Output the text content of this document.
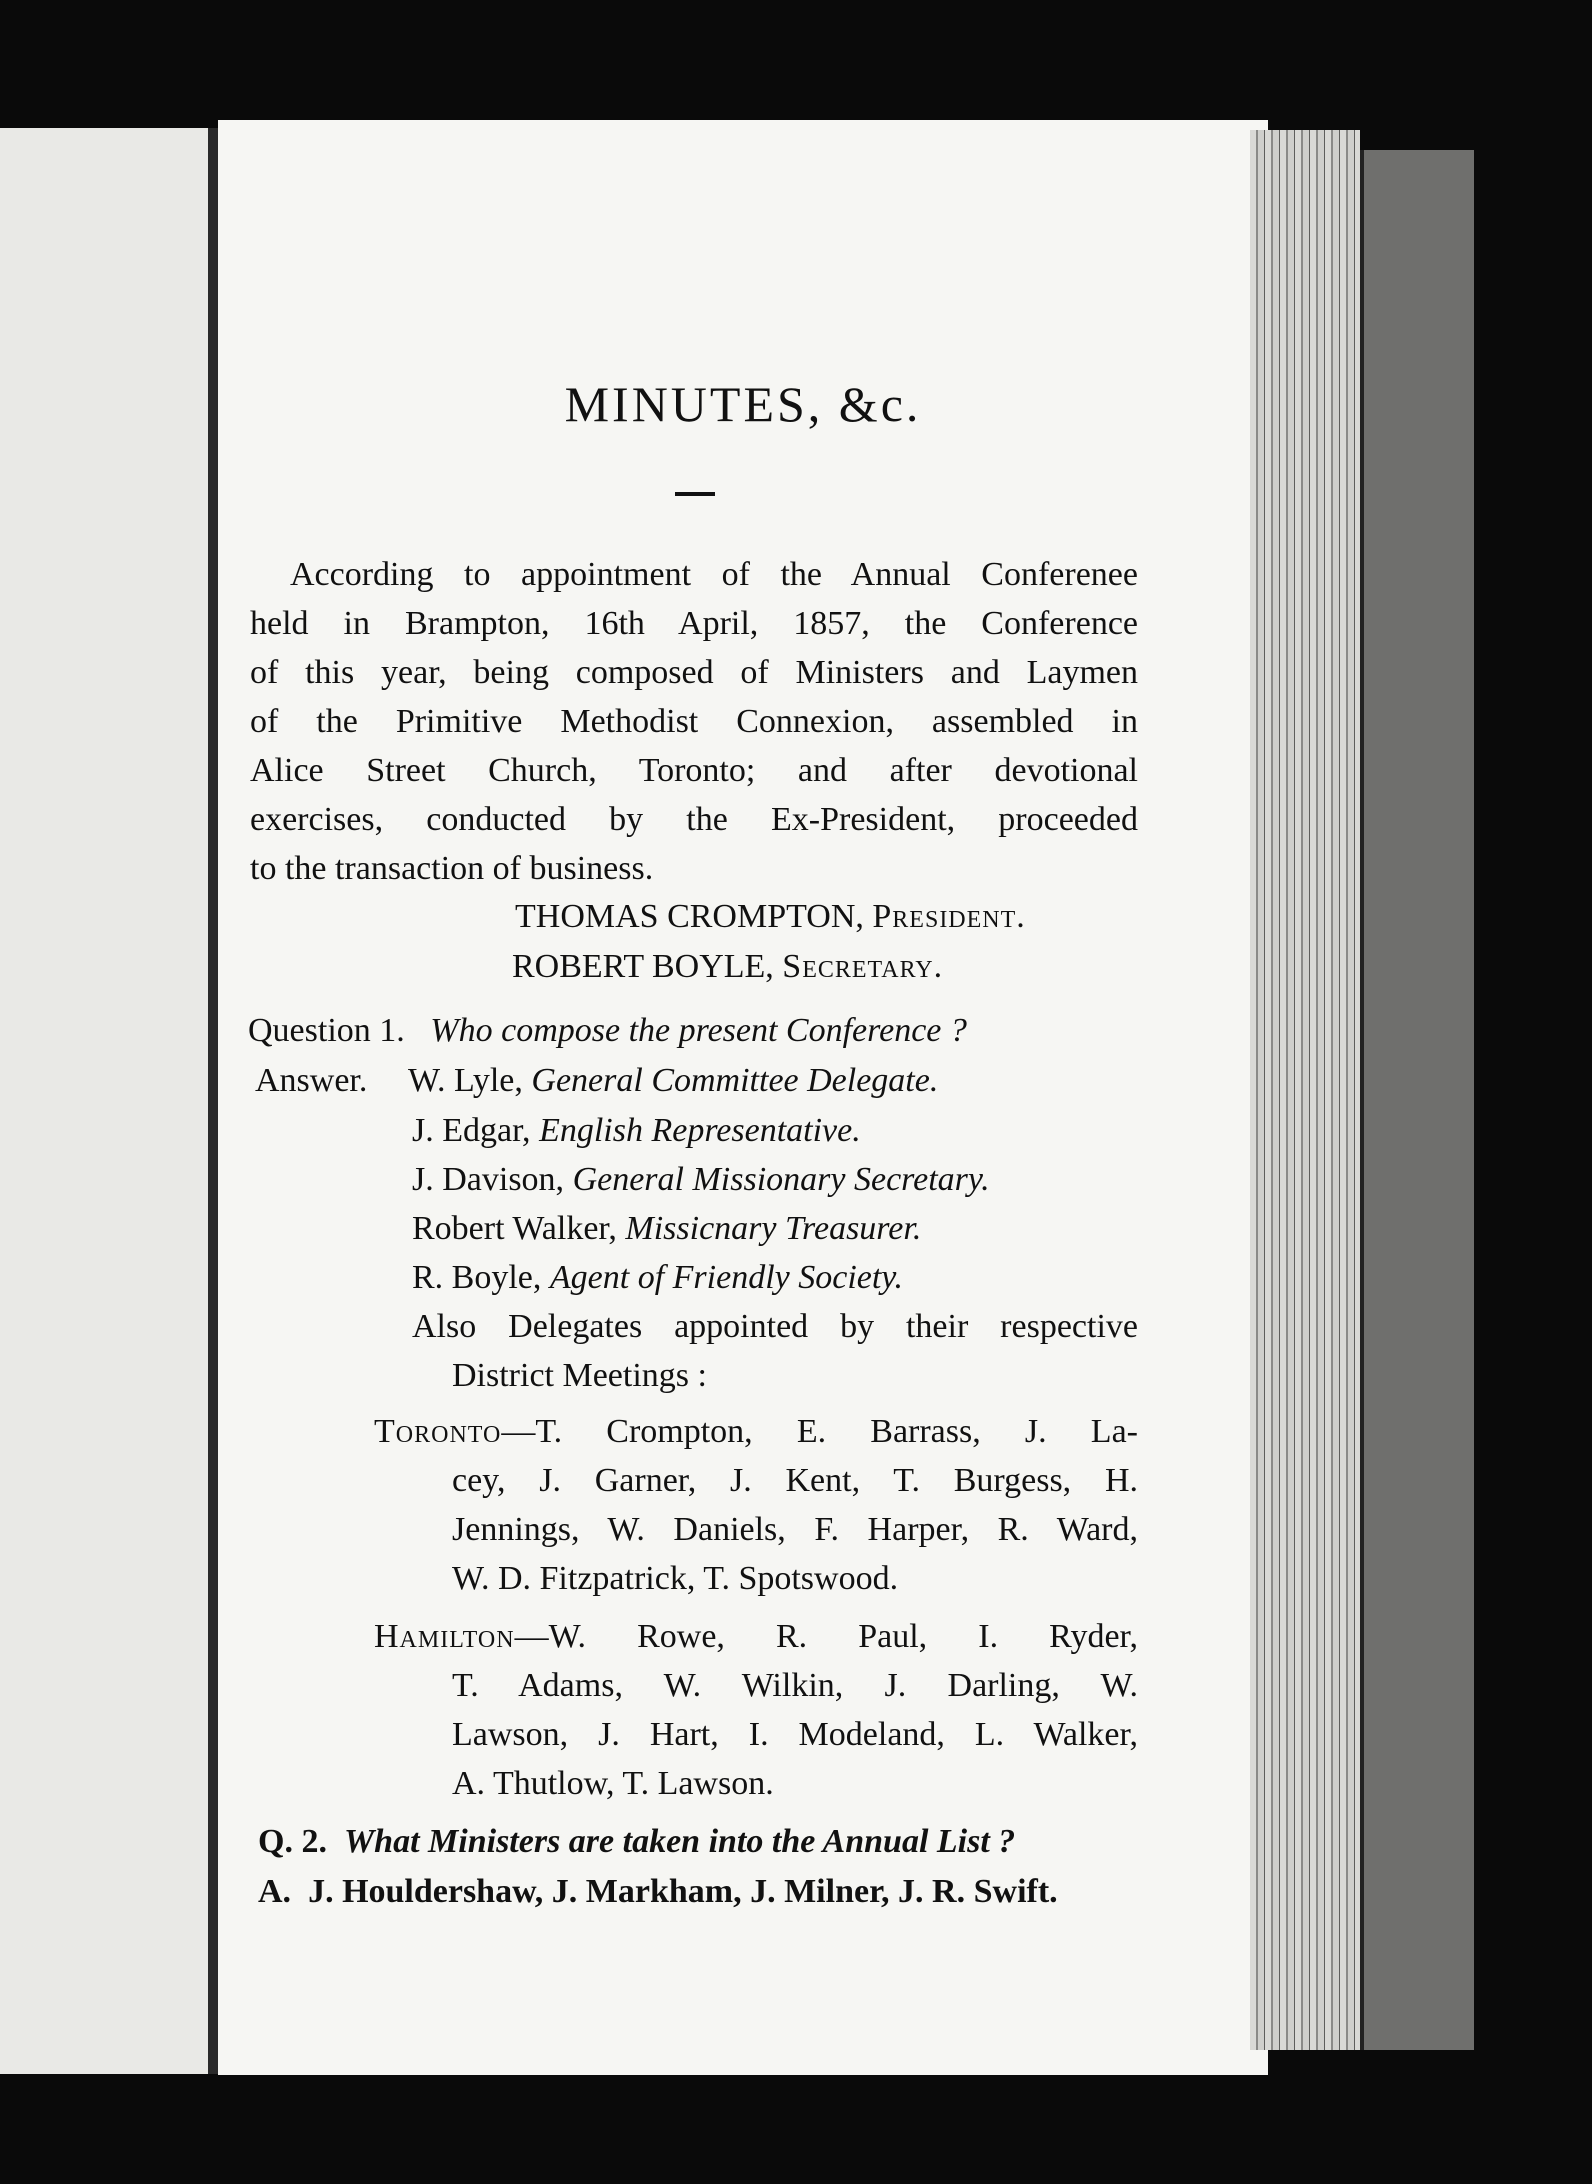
MINUTES, &c.
According to appointment of the Annual Conferenee
held in Brampton, 16th April, 1857, the Conference
of this year, being composed of Ministers and Laymen
of the Primitive Methodist Connexion, assembled in
Alice Street Church, Toronto; and after devotional
exercises, conducted by the Ex-President, proceeded
to the transaction of business.
THOMAS CROMPTON, President.
ROBERT BOYLE, Secretary.
Question 1. Who compose the present Conference ?
Answer. W. Lyle, General Committee Delegate.
J. Edgar, English Representative.
J. Davison, General Missionary Secretary.
Robert Walker, Missicnary Treasurer.
R. Boyle, Agent of Friendly Society.
Also Delegates appointed by their respective
District Meetings :
Toronto—T. Crompton, E. Barrass, J. La-
cey, J. Garner, J. Kent, T. Burgess, H.
Jennings, W. Daniels, F. Harper, R. Ward,
W. D. Fitzpatrick, T. Spotswood.
Hamilton—W. Rowe, R. Paul, I. Ryder,
T. Adams, W. Wilkin, J. Darling, W.
Lawson, J. Hart, I. Modeland, L. Walker,
A. Thutlow, T. Lawson.
Q. 2. What Ministers are taken into the Annual List ?
A. J. Houldershaw, J. Markham, J. Milner, J. R. Swift.
